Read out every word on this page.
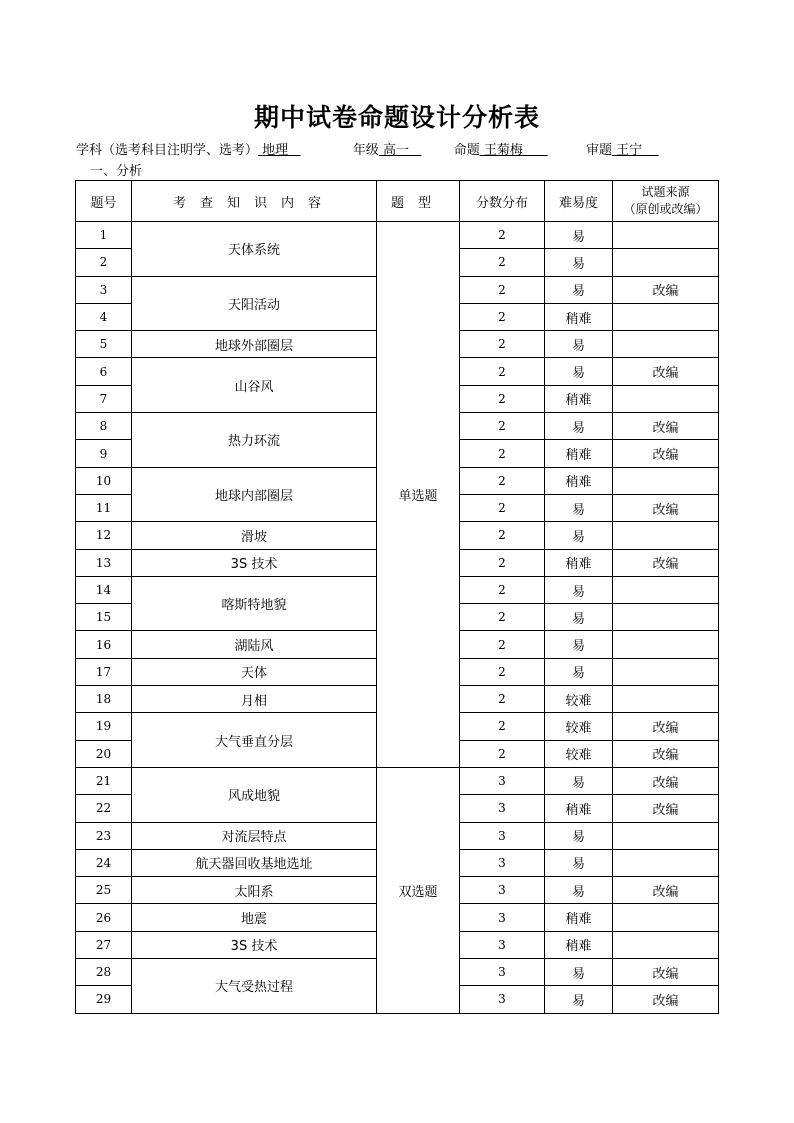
期中试卷命题设计分析表
学科（选考科目注明学、选考） 地理	年级 高一	命题 王菊梅	审题 王宁
一、分析
题号	考查知识内容	题型	分数分布	难易度	试题来源
（原创或改编）

1	天体系统	单选题	2	易	
2			2	易	
3	天阳活动		2	易	改编
4			2	稍难	
5	地球外部圈层		2	易	
6	山谷风		2	易	改编
7			2	稍难	
8	热力环流		2	易	改编
9			2	稍难	改编
10	地球内部圈层		2	稍难	
11			2	易	改编
12	滑坡		2	易	
13	3S 技术		2	稍难	改编
14	喀斯特地貌		2	易	
15			2	易	
16	湖陆风		2	易	
17	天体		2	易	
18	月相		2	较难	
19	大气垂直分层		2	较难	改编
20			2	较难	改编
21	风成地貌	双选题	3	易	改编
22			3	稍难	改编
23	对流层特点		3	易	
24	航天器回收基地选址		3	易	
25	太阳系		3	易	改编
26	地震		3	稍难	
27	3S 技术		3	稍难	
28	大气受热过程		3	易	改编
29			3	易	改编
